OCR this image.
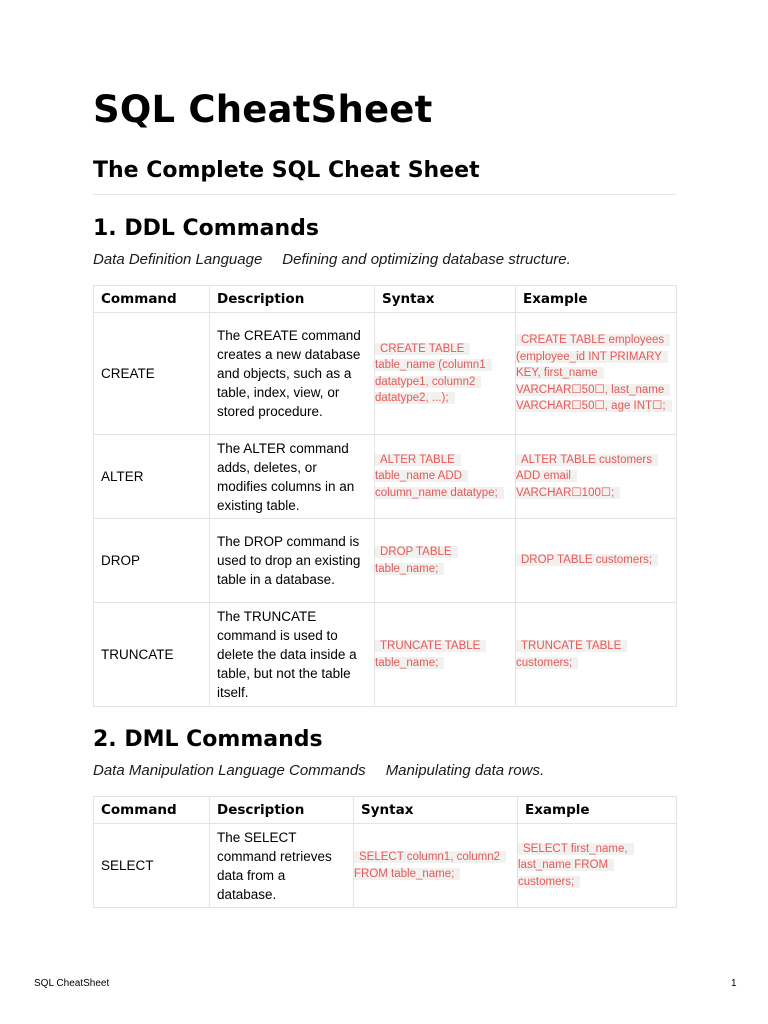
SQL CheatSheet
The Complete SQL Cheat Sheet
1. DDL Commands

Data Definition Language Defining and optimizing database structure.

Command	Description	Syntax	Example
CREATE	The CREATE command creates a new database and objects, such as a table, index, view, or stored procedure.	CREATE TABLE table_name (column1 datatype1, column2 datatype2, ...);	CREATE TABLE employees (employee_id INT PRIMARY KEY, first_name VARCHAR☐50☐, last_name VARCHAR☐50☐, age INT☐;
ALTER	The ALTER command adds, deletes, or modifies columns in an existing table.	ALTER TABLE table_name ADD column_name datatype;	ALTER TABLE customers ADD email VARCHAR☐100☐;
DROP	The DROP command is used to drop an existing table in a database.	DROP TABLE table_name;	DROP TABLE customers;
TRUNCATE	The TRUNCATE command is used to delete the data inside a table, but not the table itself.	TRUNCATE TABLE table_name;	TRUNCATE TABLE customers;
2. DML Commands

Data Manipulation Language Commands Manipulating data rows.

Command	Description	Syntax	Example
SELECT	The SELECT command retrieves data from a database.	SELECT column1, column2 FROM table_name;	SELECT first_name, last_name FROM customers;
SQL CheatSheet	1
